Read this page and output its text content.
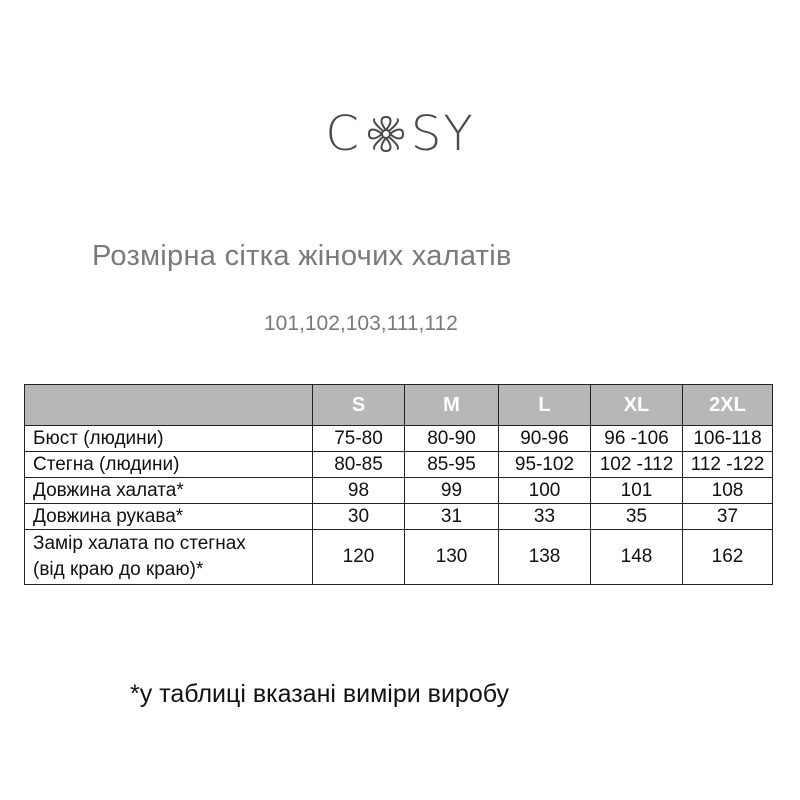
C SY
Розмірна сітка жіночих халатів
101,102,103,111,112
	S	M	L	XL	2XL
Бюст (людини)	75-80	80-90	90-96	96 -106	106-118
Стегна (людини)	80-85	85-95	95-102	102 -112	112 -122
Довжина халата*	98	99	100	101	108
Довжина рукава*	30	31	33	35	37

Замір халата по стегнах
(від краю до краю)*	120	130	138	148	162
*у таблиці вказані виміри виробу
